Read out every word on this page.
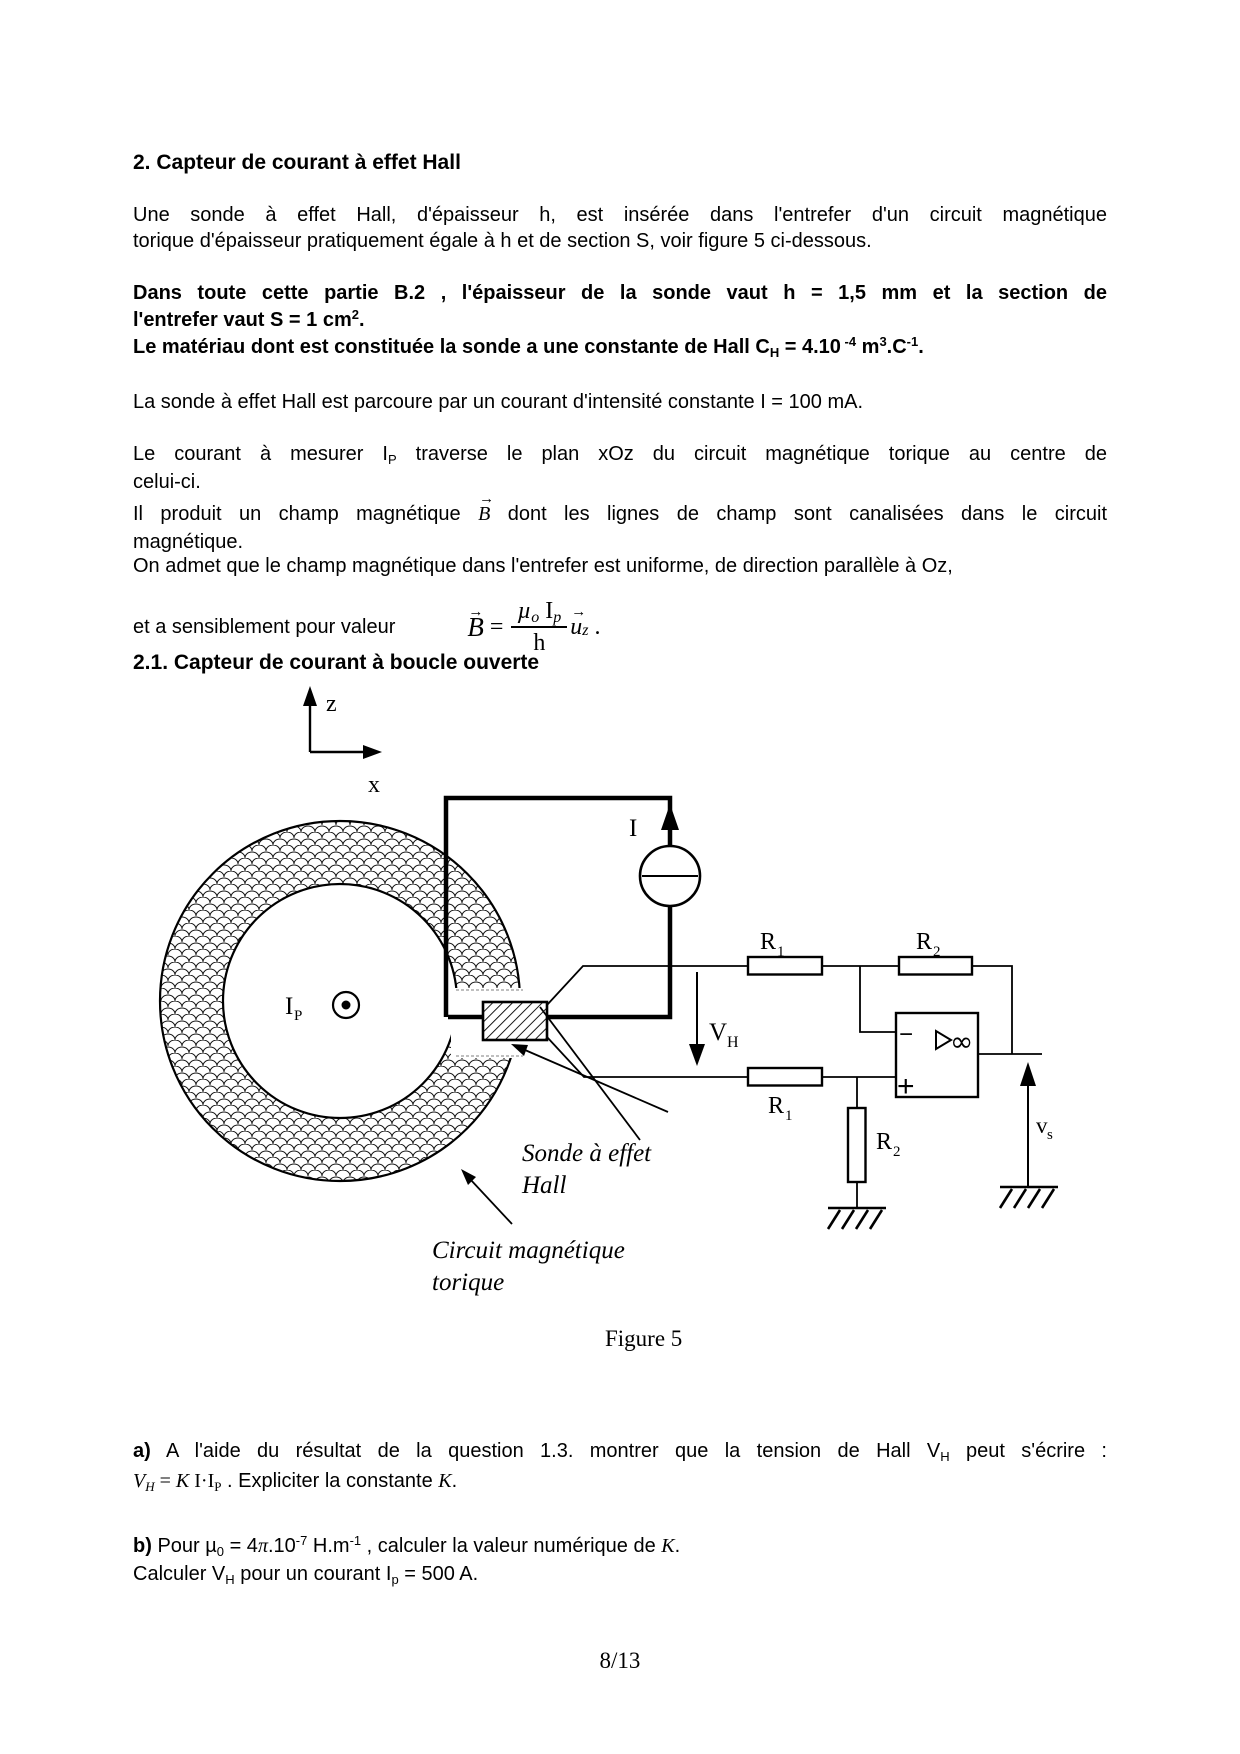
2. Capteur de courant à effet Hall
Une sonde à effet Hall, d'épaisseur h, est insérée dans l'entrefer d'un circuit magnétique
torique d'épaisseur pratiquement égale à h et de section S, voir figure 5 ci-dessous.
Dans toute cette partie B.2 , l'épaisseur de la sonde vaut h = 1,5 mm et la section de
l'entrefer vaut S = 1 $cm^2$.
Le matériau dont est constituée la sonde a une constante de Hall $C_H = 4.10$ $^{-4}$ $m^3.C^{-1}$.
La sonde à effet Hall est parcoure par un courant d'intensité constante I = 100 mA.
Le courant à mesurer $I_P$ traverse le plan xOz du circuit magnétique torique au centre de
celui-ci.
Il produit un champ magnétique B → dont les lignes de champ sont canalisées dans le circuit
magnétique.
On admet que le champ magnétique dans l'entrefer est uniforme, de direction parallèle à Oz,
et a sensiblement pour valeur	B → = $\frac{\mu_o I_p}{h}$ $u \to_z$ .
2.1. Capteur de courant à boucle ouverte
z
x
I P
I
R 1	R 2
R 1
R 2
−
+
∞
V H
v s
Sonde à effet
Hall
Circuit magnétique
torique
Figure 5
a) A l'aide du résultat de la question 1.3. montrer que la tension de Hall $V_H$ peut s'écrire :
$V_H = K$ $I\cdot I_P$ . Expliciter la constante K.
b) Pour $\mu_0 = 4\pi.10^{-7}$ $H.m^{-1}$ , calculer la valeur numérique de K.
Calculer $V_H$ pour un courant $I_p = 500$ A.
8/13
